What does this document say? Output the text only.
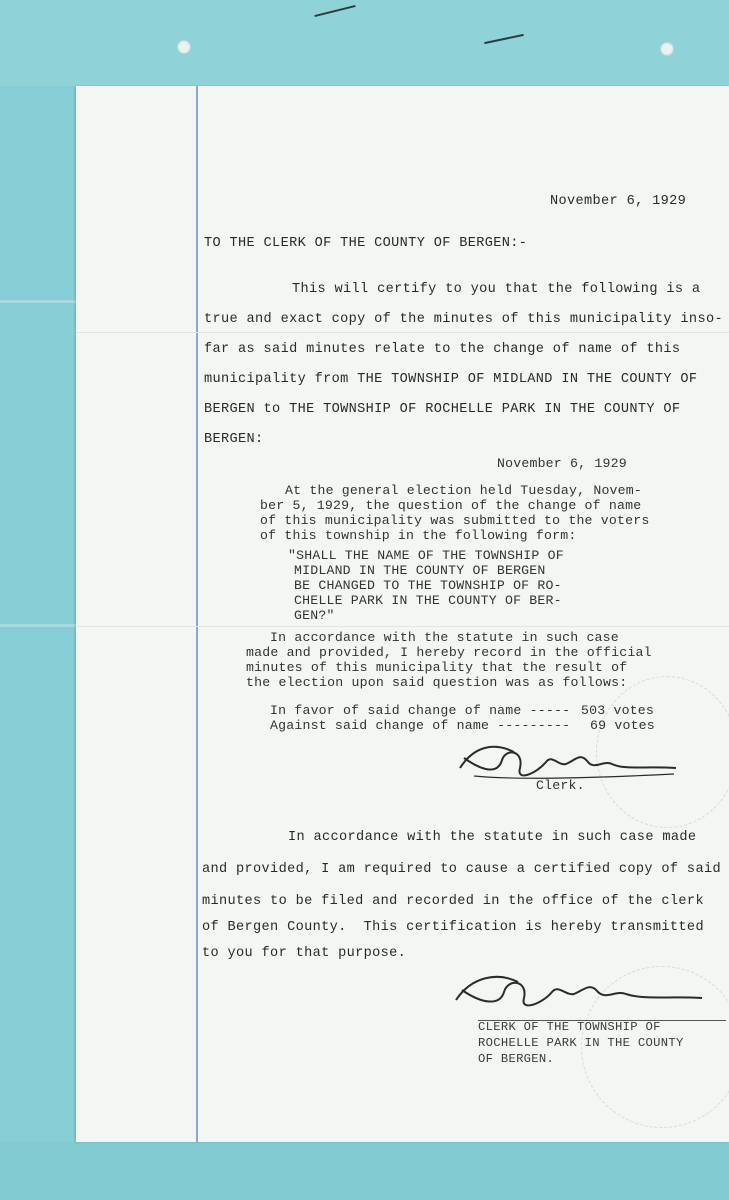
November 6, 1929
TO THE CLERK OF THE COUNTY OF BERGEN:-
This will certify to you that the following is a
true and exact copy of the minutes of this municipality inso-
far as said minutes relate to the change of name of this
municipality from THE TOWNSHIP OF MIDLAND IN THE COUNTY OF
BERGEN to THE TOWNSHIP OF ROCHELLE PARK IN THE COUNTY OF
BERGEN:
November 6, 1929
At the general election held Tuesday, Novem-
ber 5, 1929, the question of the change of name
of this municipality was submitted to the voters
of this township in the following form:
"SHALL THE NAME OF THE TOWNSHIP OF
MIDLAND IN THE COUNTY OF BERGEN
BE CHANGED TO THE TOWNSHIP OF RO-
CHELLE PARK IN THE COUNTY OF BER-
GEN?"
In accordance with the statute in such case
made and provided, I hereby record in the official
minutes of this municipality that the result of
the election upon said question was as follows:
In favor of said change of name ----- 503 votes
Against said change of name --------- 69 votes
Clerk.
In accordance with the statute in such case made
and provided, I am required to cause a certified copy of said
minutes to be filed and recorded in the office of the clerk
of Bergen County.  This certification is hereby transmitted
to you for that purpose.
CLERK OF THE TOWNSHIP OF
ROCHELLE PARK IN THE COUNTY
OF BERGEN.
